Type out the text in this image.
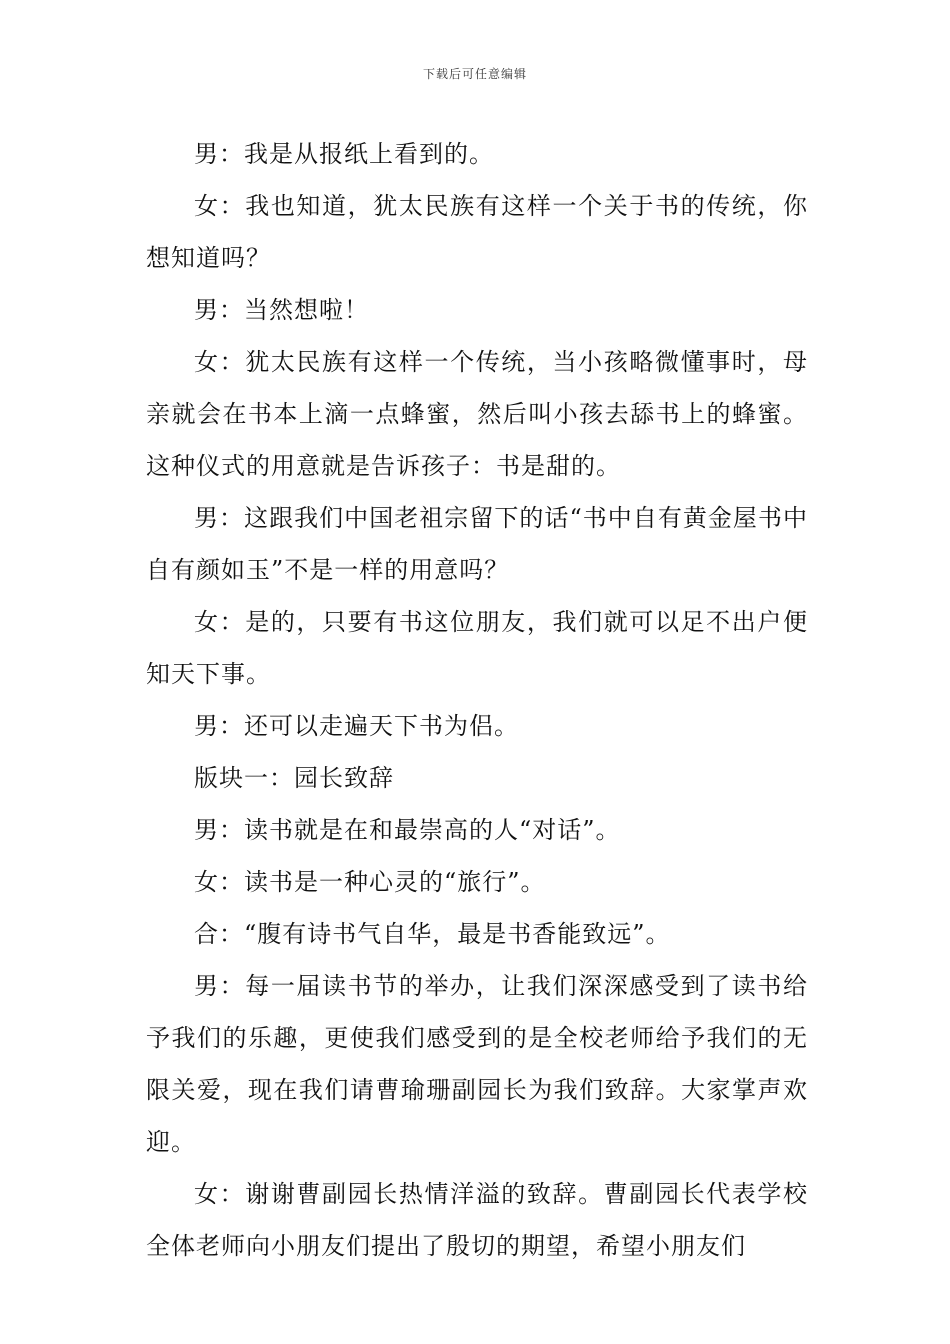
下载后可任意编辑

男：我是从报纸上看到的。

女：我也知道，犹太民族有这样一个关于书的传统，你想知道吗？

男：当然想啦！

女：犹太民族有这样一个传统，当小孩略微懂事时，母亲就会在书本上滴一点蜂蜜，然后叫小孩去舔书上的蜂蜜。这种仪式的用意就是告诉孩子：书是甜的。

男：这跟我们中国老祖宗留下的话“书中自有黄金屋书中自有颜如玉”不是一样的用意吗？

女：是的，只要有书这位朋友，我们就可以足不出户便知天下事。

男：还可以走遍天下书为侣。

版块一：园长致辞

男：读书就是在和最崇高的人“对话”。

女：读书是一种心灵的“旅行”。

合：“腹有诗书气自华，最是书香能致远”。

男：每一届读书节的举办，让我们深深感受到了读书给予我们的乐趣，更使我们感受到的是全校老师给予我们的无限关爱，现在我们请曹瑜珊副园长为我们致辞。大家掌声欢迎。

女：谢谢曹副园长热情洋溢的致辞。曹副园长代表学校全体老师向小朋友们提出了殷切的期望，希望小朋友们
